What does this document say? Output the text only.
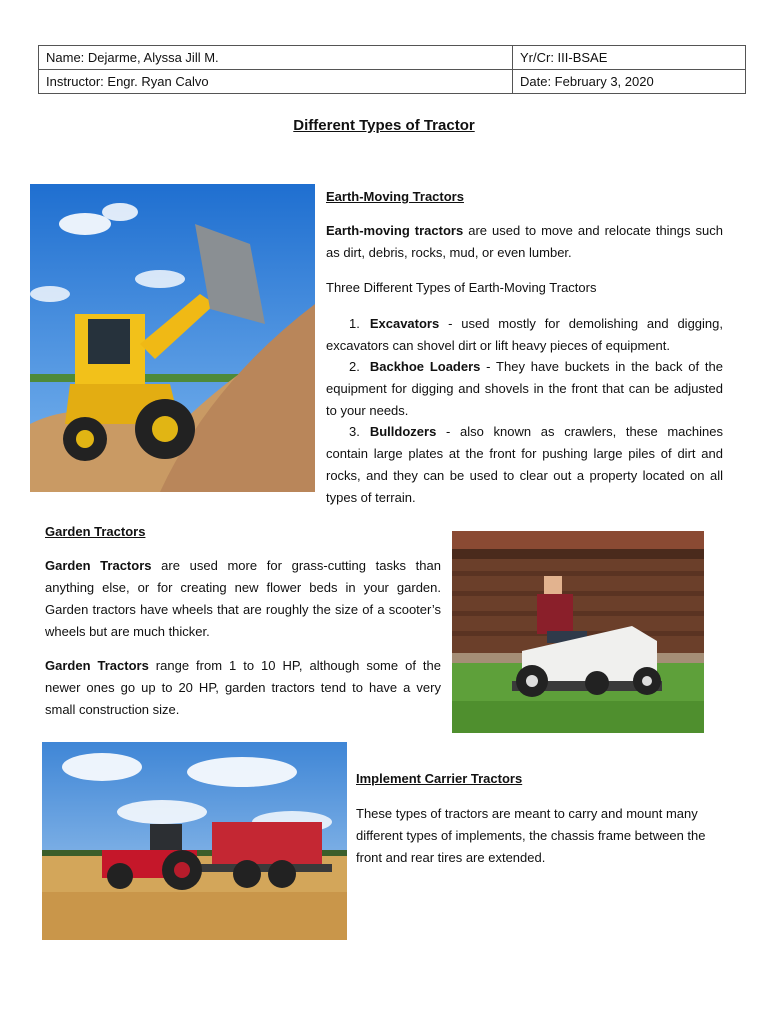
Name: Dejarme, Alyssa Jill M.	Yr/Cr: III-BSAE
Instructor: Engr. Ryan Calvo	Date: February 3, 2020
Different Types of Tractor
Earth-Moving Tractors

Earth-moving tractors are used to move and relocate things such as dirt, debris, rocks, mud, or even lumber.

Three Different Types of Earth-Moving Tractors

1. Excavators - used mostly for demolishing and digging, excavators can shovel dirt or lift heavy pieces of equipment.

2. Backhoe Loaders - They have buckets in the back of the equipment for digging and shovels in the front that can be adjusted to your needs.

3. Bulldozers - also known as crawlers, these machines contain large plates at the front for pushing large piles of dirt and rocks, and they can be used to clear out a property located on all types of terrain.

Garden Tractors

Garden Tractors are used more for grass-cutting tasks than anything else, or for creating new flower beds in your garden. Garden tractors have wheels that are roughly the size of a scooter’s wheels but are much thicker.

Garden Tractors range from 1 to 10 HP, although some of the newer ones go up to 20 HP, garden tractors tend to have a very small construction size.

Implement Carrier Tractors

These types of tractors are meant to carry and mount many different types of implements, the chassis frame between the front and rear tires are extended.
